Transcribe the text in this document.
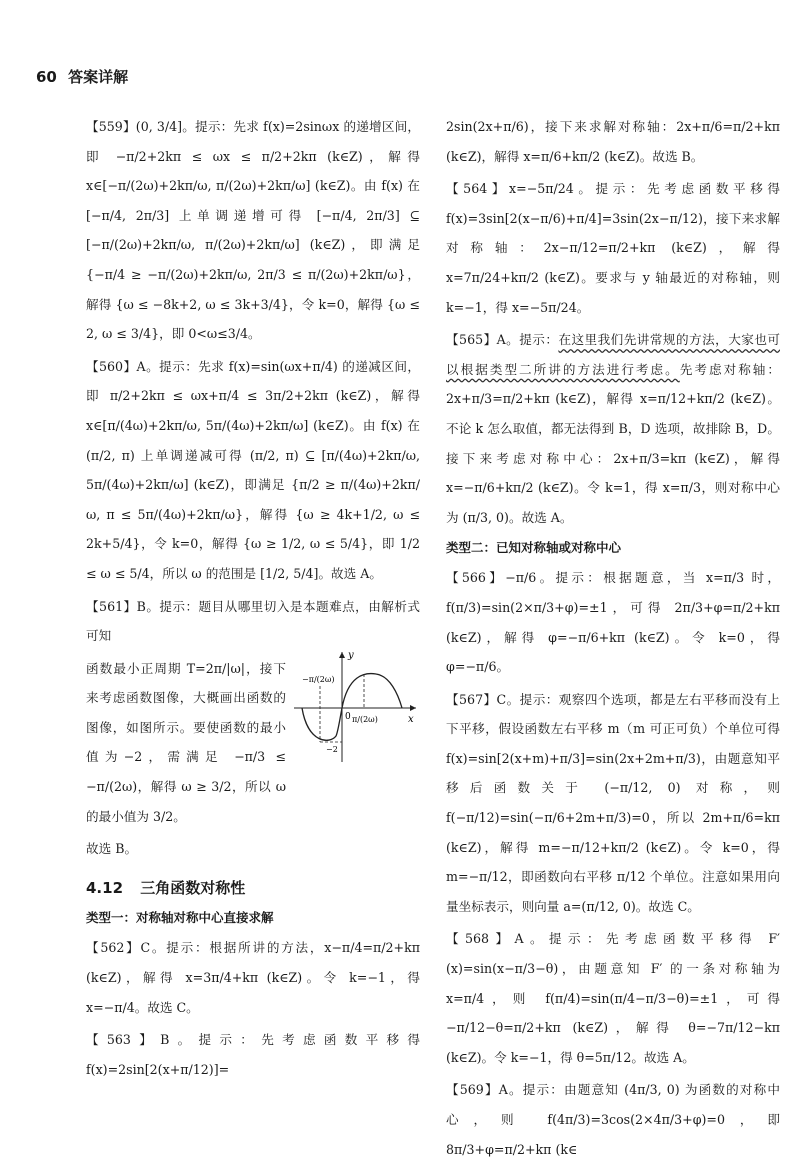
60 答案详解

【559】(0, 3/4]。提示：先求 f(x)=2sinωx 的递增区间，即 −π/2+2kπ ≤ ωx ≤ π/2+2kπ (k∈Z)，解得 x∈[−π/(2ω)+2kπ/ω, π/(2ω)+2kπ/ω] (k∈Z)。由 f(x) 在 [−π/4, 2π/3] 上单调递增可得 [−π/4, 2π/3] ⊆ [−π/(2ω)+2kπ/ω, π/(2ω)+2kπ/ω] (k∈Z)，即满足 {−π/4 ≥ −π/(2ω)+2kπ/ω, 2π/3 ≤ π/(2ω)+2kπ/ω}，解得 {ω ≤ −8k+2, ω ≤ 3k+3/4}，令 k=0，解得 {ω ≤ 2, ω ≤ 3/4}，即 0<ω≤3/4。

【560】A。提示：先求 f(x)=sin(ωx+π/4) 的递减区间，即 π/2+2kπ ≤ ωx+π/4 ≤ 3π/2+2kπ (k∈Z)，解得 x∈[π/(4ω)+2kπ/ω, 5π/(4ω)+2kπ/ω] (k∈Z)。由 f(x) 在 (π/2, π) 上单调递减可得 (π/2, π) ⊆ [π/(4ω)+2kπ/ω, 5π/(4ω)+2kπ/ω] (k∈Z)，即满足 {π/2 ≥ π/(4ω)+2kπ/ω, π ≤ 5π/(4ω)+2kπ/ω}，解得 {ω ≥ 4k+1/2, ω ≤ 2k+5/4}，令 k=0，解得 {ω ≥ 1/2, ω ≤ 5/4}，即 1/2 ≤ ω ≤ 5/4，所以 ω 的范围是 [1/2, 5/4]。故选 A。

【561】B。提示：题目从哪里切入是本题难点，由解析式可知

函数最小正周期 T=2π/|ω|，接下来考虑函数图像，大概画出函数的图像，如图所示。要使函数的最小值为−2，需满足 −π/3 ≤ −π/(2ω)，解得 ω ≥ 3/2，所以 ω 的最小值为 3/2。

y
x
0
−π/(2ω)
π/(2ω)
−2

故选 B。

4.12 三角函数对称性
类型一：对称轴对称中心直接求解

【562】C。提示：根据所讲的方法，x−π/4=π/2+kπ (k∈Z)，解得 x=3π/4+kπ (k∈Z)。令 k=−1，得 x=−π/4。故选 C。

【563】B。提示：先考虑函数平移得 f(x)=2sin[2(x+π/12)]=

2sin(2x+π/6)，接下来求解对称轴：2x+π/6=π/2+kπ (k∈Z)，解得 x=π/6+kπ/2 (k∈Z)。故选 B。

【564】x=−5π/24。提示：先考虑函数平移得 f(x)=3sin[2(x−π/6)+π/4]=3sin(2x−π/12)，接下来求解对称轴：2x−π/12=π/2+kπ (k∈Z)，解得 x=7π/24+kπ/2 (k∈Z)。要求与 y 轴最近的对称轴，则 k=−1，得 x=−5π/24。

【565】A。提示：在这里我们先讲常规的方法，大家也可以根据类型二所讲的方法进行考虑。先考虑对称轴：2x+π/3=π/2+kπ (k∈Z)，解得 x=π/12+kπ/2 (k∈Z)。不论 k 怎么取值，都无法得到 B，D 选项，故排除 B，D。接下来考虑对称中心：2x+π/3=kπ (k∈Z)，解得 x=−π/6+kπ/2 (k∈Z)。令 k=1，得 x=π/3，则对称中心为 (π/3, 0)。故选 A。

类型二：已知对称轴或对称中心

【566】−π/6。提示：根据题意，当 x=π/3 时，f(π/3)=sin(2×π/3+φ)=±1，可得 2π/3+φ=π/2+kπ (k∈Z)，解得 φ=−π/6+kπ (k∈Z)。令 k=0，得 φ=−π/6。

【567】C。提示：观察四个选项，都是左右平移而没有上下平移，假设函数左右平移 m（m 可正可负）个单位可得 f(x)=sin[2(x+m)+π/3]=sin(2x+2m+π/3)，由题意知平移后函数关于 (−π/12, 0) 对称，则 f(−π/12)=sin(−π/6+2m+π/3)=0，所以 2m+π/6=kπ (k∈Z)，解得 m=−π/12+kπ/2 (k∈Z)。令 k=0，得 m=−π/12，即函数向右平移 π/12 个单位。注意如果用向量坐标表示，则向量 a=(π/12, 0)。故选 C。

【568】A。提示：先考虑函数平移得 F′(x)=sin(x−π/3−θ)，由题意知 F′ 的一条对称轴为 x=π/4，则 f(π/4)=sin(π/4−π/3−θ)=±1，可得 −π/12−θ=π/2+kπ (k∈Z)，解得 θ=−7π/12−kπ (k∈Z)。令 k=−1，得 θ=5π/12。故选 A。

【569】A。提示：由题意知 (4π/3, 0) 为函数的对称中心，则 f(4π/3)=3cos(2×4π/3+φ)=0，即 8π/3+φ=π/2+kπ (k∈
